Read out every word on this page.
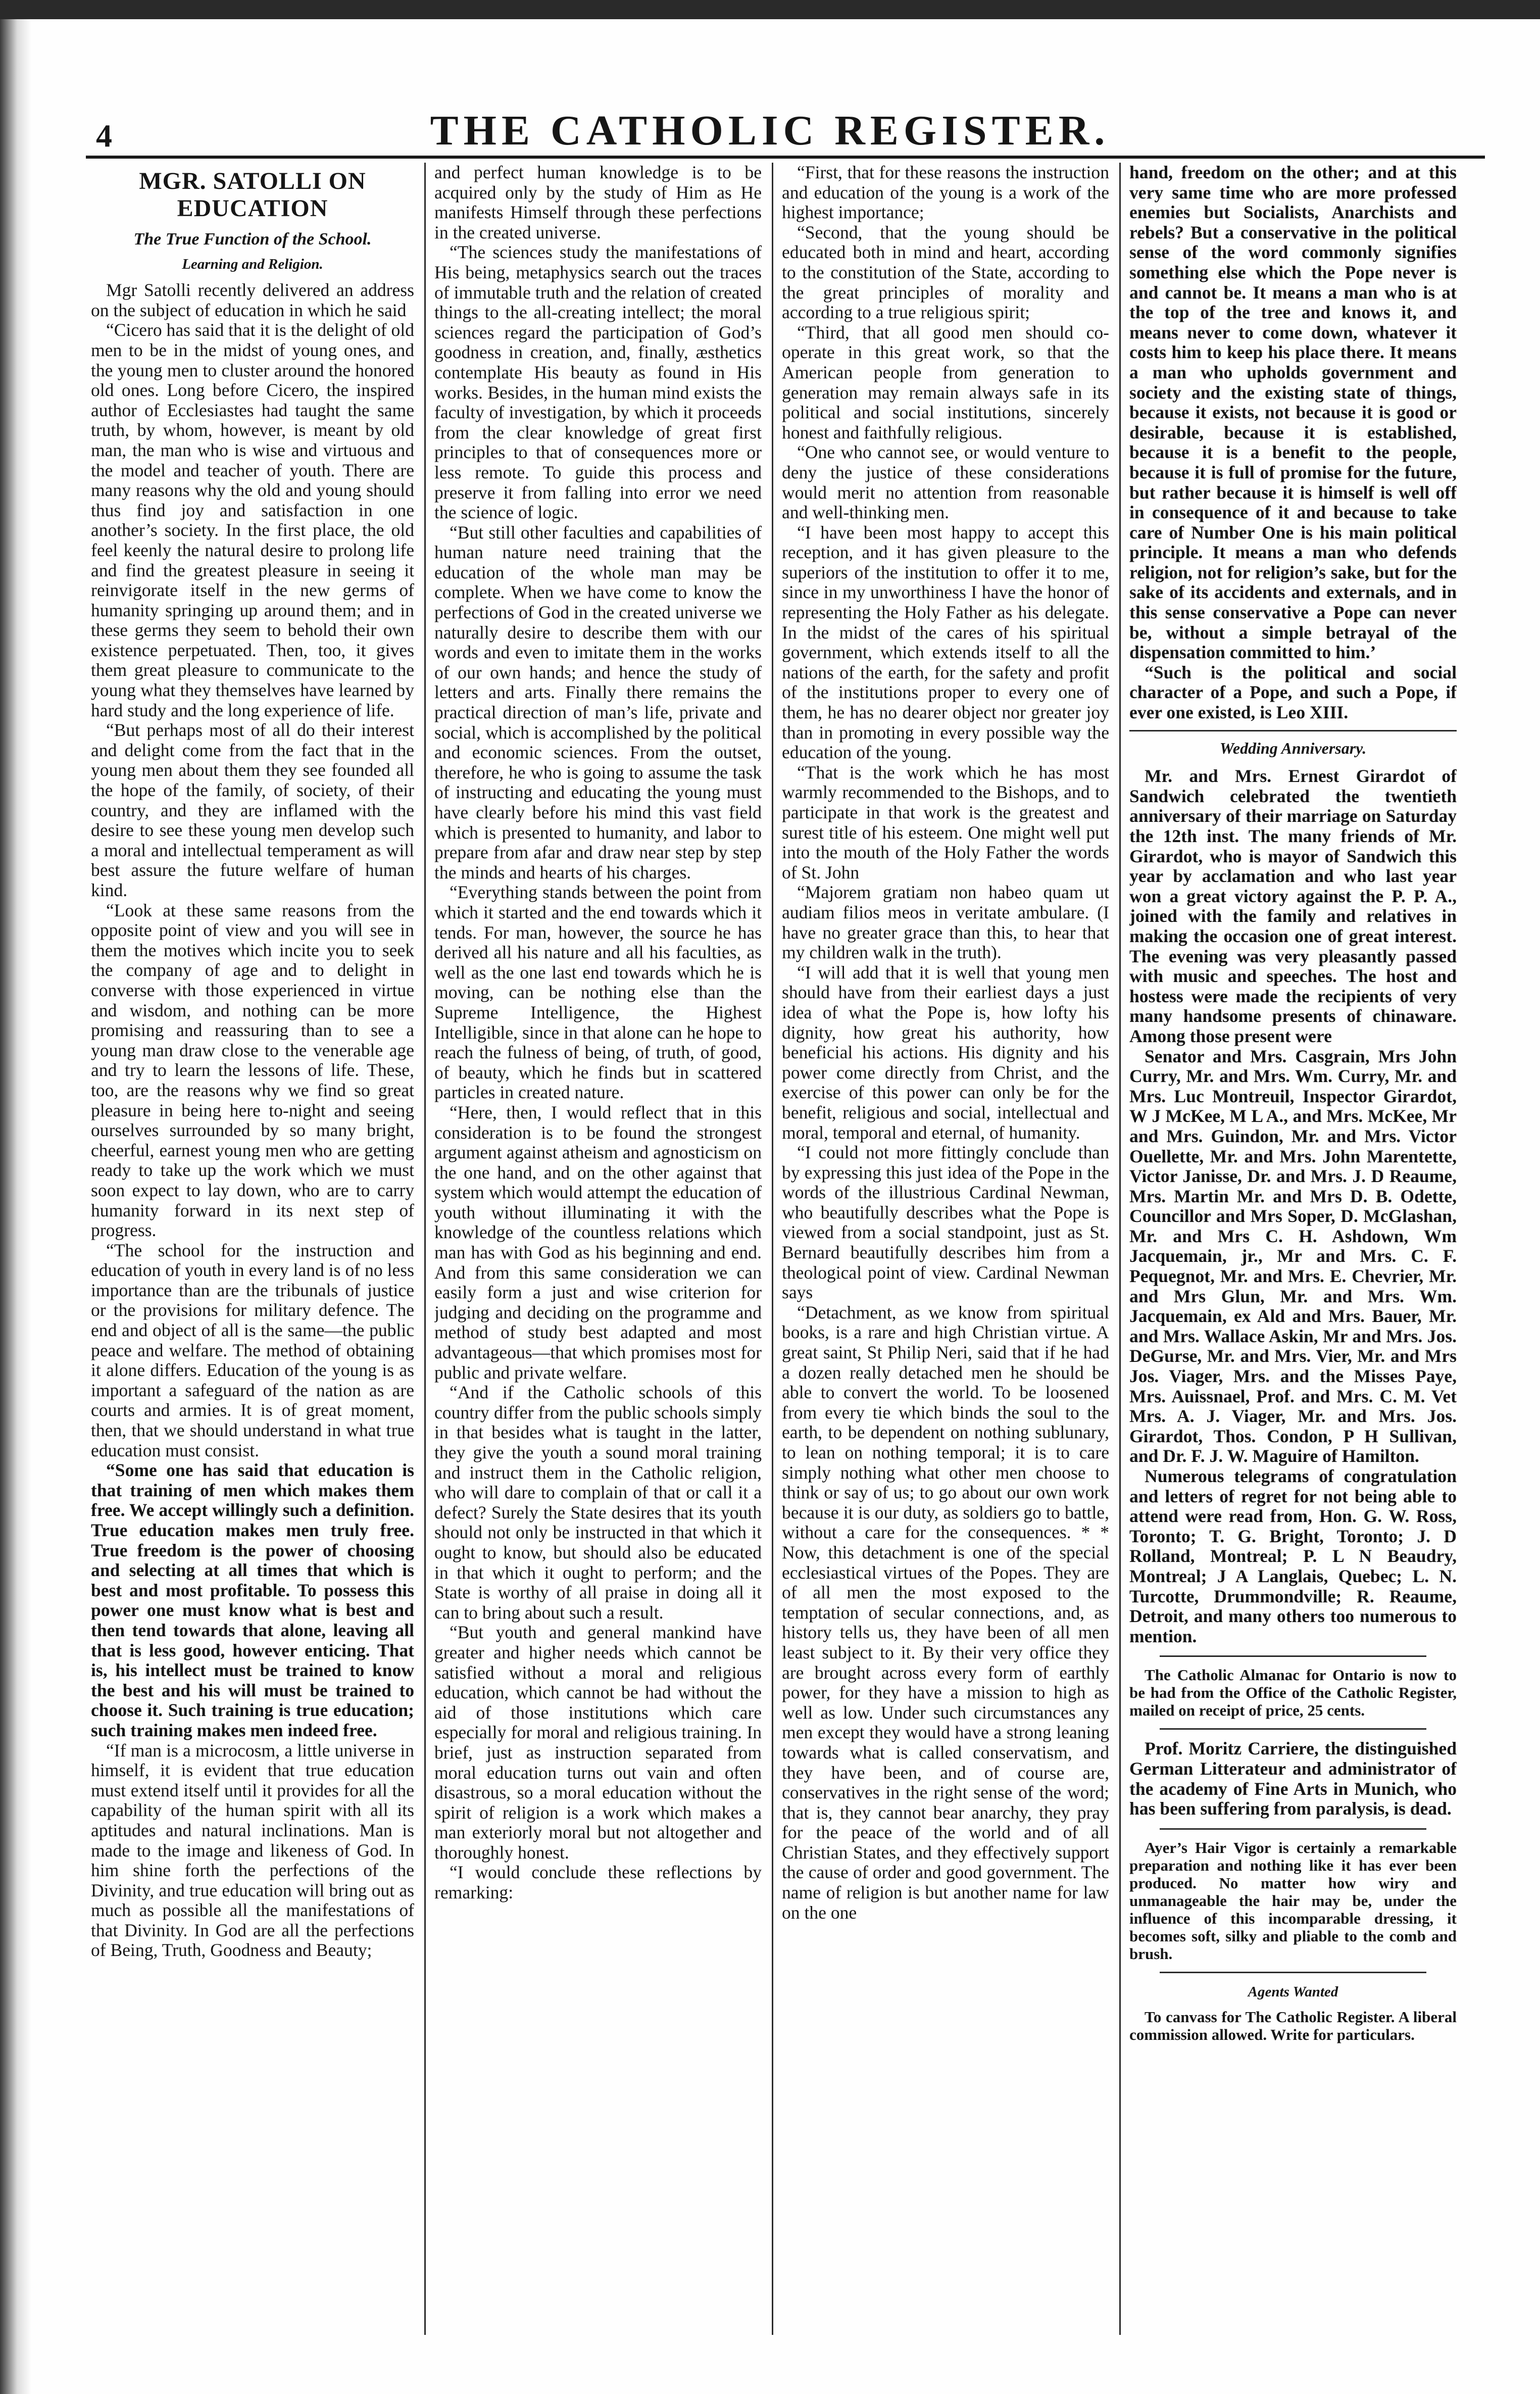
4	THE CATHOLIC REGISTER.
MGR. SATOLLI ON EDUCATION
The True Function of the School.
Learning and Religion.

Mgr Satolli recently delivered an address on the subject of education in which he said

“Cicero has said that it is the delight of old men to be in the midst of young ones, and the young men to cluster around the honored old ones. Long before Cicero, the inspired author of Ecclesiastes had taught the same truth, by whom, however, is meant by old man, the man who is wise and virtuous and the model and teacher of youth. There are many reasons why the old and young should thus find joy and satisfaction in one another’s society. In the first place, the old feel keenly the natural desire to prolong life and find the greatest pleasure in seeing it reinvigorate itself in the new germs of humanity springing up around them; and in these germs they seem to behold their own existence perpetuated. Then, too, it gives them great pleasure to communicate to the young what they themselves have learned by hard study and the long experience of life.

“But perhaps most of all do their interest and delight come from the fact that in the young men about them they see founded all the hope of the family, of society, of their country, and they are inflamed with the desire to see these young men develop such a moral and intellectual temperament as will best assure the future welfare of human kind.

“Look at these same reasons from the opposite point of view and you will see in them the motives which incite you to seek the company of age and to delight in converse with those experienced in virtue and wisdom, and nothing can be more promising and reassuring than to see a young man draw close to the venerable age and try to learn the lessons of life. These, too, are the reasons why we find so great pleasure in being here to-night and seeing ourselves surrounded by so many bright, cheerful, earnest young men who are getting ready to take up the work which we must soon expect to lay down, who are to carry humanity forward in its next step of progress.

“The school for the instruction and education of youth in every land is of no less importance than are the tribunals of justice or the provisions for military defence. The end and object of all is the same—the public peace and welfare. The method of obtaining it alone differs. Education of the young is as important a safeguard of the nation as are courts and armies. It is of great moment, then, that we should understand in what true education must consist.

“Some one has said that education is that training of men which makes them free. We accept willingly such a definition. True education makes men truly free. True freedom is the power of choosing and selecting at all times that which is best and most profitable. To possess this power one must know what is best and then tend towards that alone, leaving all that is less good, however enticing. That is, his intellect must be trained to know the best and his will must be trained to choose it. Such training is true education; such training makes men indeed free.

“If man is a microcosm, a little universe in himself, it is evident that true education must extend itself until it provides for all the capability of the human spirit with all its aptitudes and natural inclinations. Man is made to the image and likeness of God. In him shine forth the perfections of the Divinity, and true education will bring out as much as possible all the manifestations of that Divinity. In God are all the perfections of Being, Truth, Goodness and Beauty;

and perfect human knowledge is to be acquired only by the study of Him as He manifests Himself through these perfections in the created universe.

“The sciences study the manifestations of His being, metaphysics search out the traces of immutable truth and the relation of created things to the all-creating intellect; the moral sciences regard the participation of God’s goodness in creation, and, finally, æsthetics contemplate His beauty as found in His works. Besides, in the human mind exists the faculty of investigation, by which it proceeds from the clear knowledge of great first principles to that of consequences more or less remote. To guide this process and preserve it from falling into error we need the science of logic.

“But still other faculties and capabilities of human nature need training that the education of the whole man may be complete. When we have come to know the perfections of God in the created universe we naturally desire to describe them with our words and even to imitate them in the works of our own hands; and hence the study of letters and arts. Finally there remains the practical direction of man’s life, private and social, which is accomplished by the political and economic sciences. From the outset, therefore, he who is going to assume the task of instructing and educating the young must have clearly before his mind this vast field which is presented to humanity, and labor to prepare from afar and draw near step by step the minds and hearts of his charges.

“Everything stands between the point from which it started and the end towards which it tends. For man, however, the source he has derived all his nature and all his faculties, as well as the one last end towards which he is moving, can be nothing else than the Supreme Intelligence, the Highest Intelligible, since in that alone can he hope to reach the fulness of being, of truth, of good, of beauty, which he finds but in scattered particles in created nature.

“Here, then, I would reflect that in this consideration is to be found the strongest argument against atheism and agnosticism on the one hand, and on the other against that system which would attempt the education of youth without illuminating it with the knowledge of the countless relations which man has with God as his beginning and end. And from this same consideration we can easily form a just and wise criterion for judging and deciding on the programme and method of study best adapted and most advantageous—that which promises most for public and private welfare.

“And if the Catholic schools of this country differ from the public schools simply in that besides what is taught in the latter, they give the youth a sound moral training and instruct them in the Catholic religion, who will dare to complain of that or call it a defect? Surely the State desires that its youth should not only be instructed in that which it ought to know, but should also be educated in that which it ought to perform; and the State is worthy of all praise in doing all it can to bring about such a result.

“But youth and general mankind have greater and higher needs which cannot be satisfied without a moral and religious education, which cannot be had without the aid of those institutions which care especially for moral and religious training. In brief, just as instruction separated from moral education turns out vain and often disastrous, so a moral education without the spirit of religion is a work which makes a man exteriorly moral but not altogether and thoroughly honest.

“I would conclude these reflections by remarking:

“First, that for these reasons the instruction and education of the young is a work of the highest importance;

“Second, that the young should be educated both in mind and heart, according to the constitution of the State, according to the great principles of morality and according to a true religious spirit;

“Third, that all good men should co-operate in this great work, so that the American people from generation to generation may remain always safe in its political and social institutions, sincerely honest and faithfully religious.

“One who cannot see, or would venture to deny the justice of these considerations would merit no attention from reasonable and well-thinking men.

“I have been most happy to accept this reception, and it has given pleasure to the superiors of the institution to offer it to me, since in my unworthiness I have the honor of representing the Holy Father as his delegate. In the midst of the cares of his spiritual government, which extends itself to all the nations of the earth, for the safety and profit of the institutions proper to every one of them, he has no dearer object nor greater joy than in promoting in every possible way the education of the young.

“That is the work which he has most warmly recommended to the Bishops, and to participate in that work is the greatest and surest title of his esteem. One might well put into the mouth of the Holy Father the words of St. John

“Majorem gratiam non habeo quam ut audiam filios meos in veritate ambulare. (I have no greater grace than this, to hear that my children walk in the truth).

“I will add that it is well that young men should have from their earliest days a just idea of what the Pope is, how lofty his dignity, how great his authority, how beneficial his actions. His dignity and his power come directly from Christ, and the exercise of this power can only be for the benefit, religious and social, intellectual and moral, temporal and eternal, of humanity.

“I could not more fittingly conclude than by expressing this just idea of the Pope in the words of the illustrious Cardinal Newman, who beautifully describes what the Pope is viewed from a social standpoint, just as St. Bernard beautifully describes him from a theological point of view. Cardinal Newman says

“Detachment, as we know from spiritual books, is a rare and high Christian virtue. A great saint, St Philip Neri, said that if he had a dozen really detached men he should be able to convert the world. To be loosened from every tie which binds the soul to the earth, to be dependent on nothing sublunary, to lean on nothing temporal; it is to care simply nothing what other men choose to think or say of us; to go about our own work because it is our duty, as soldiers go to battle, without a care for the consequences. * * Now, this detachment is one of the special ecclesiastical virtues of the Popes. They are of all men the most exposed to the temptation of secular connections, and, as history tells us, they have been of all men least subject to it. By their very office they are brought across every form of earthly power, for they have a mission to high as well as low. Under such circumstances any men except they would have a strong leaning towards what is called conservatism, and they have been, and of course are, conservatives in the right sense of the word; that is, they cannot bear anarchy, they pray for the peace of the world and of all Christian States, and they effectively support the cause of order and good government. The name of religion is but another name for law on the one

hand, freedom on the other; and at this very same time who are more professed enemies but Socialists, Anarchists and rebels? But a conservative in the political sense of the word commonly signifies something else which the Pope never is and cannot be. It means a man who is at the top of the tree and knows it, and means never to come down, whatever it costs him to keep his place there. It means a man who upholds government and society and the existing state of things, because it exists, not because it is good or desirable, because it is established, because it is a benefit to the people, because it is full of promise for the future, but rather because it is himself is well off in consequence of it and because to take care of Number One is his main political principle. It means a man who defends religion, not for religion’s sake, but for the sake of its accidents and externals, and in this sense conservative a Pope can never be, without a simple betrayal of the dispensation committed to him.’

“Such is the political and social character of a Pope, and such a Pope, if ever one existed, is Leo XIII.

Wedding Anniversary.

Mr. and Mrs. Ernest Girardot of Sandwich celebrated the twentieth anniversary of their marriage on Saturday the 12th inst. The many friends of Mr. Girardot, who is mayor of Sandwich this year by acclamation and who last year won a great victory against the P. P. A., joined with the family and relatives in making the occasion one of great interest. The evening was very pleasantly passed with music and speeches. The host and hostess were made the recipients of very many handsome presents of chinaware. Among those present were

Senator and Mrs. Casgrain, Mrs John Curry, Mr. and Mrs. Wm. Curry, Mr. and Mrs. Luc Montreuil, Inspector Girardot, W J McKee, M L A., and Mrs. McKee, Mr and Mrs. Guindon, Mr. and Mrs. Victor Ouellette, Mr. and Mrs. John Marentette, Victor Janisse, Dr. and Mrs. J. D Reaume, Mrs. Martin Mr. and Mrs D. B. Odette, Councillor and Mrs Soper, D. McGlashan, Mr. and Mrs C. H. Ashdown, Wm Jacquemain, jr., Mr and Mrs. C. F. Pequegnot, Mr. and Mrs. E. Chevrier, Mr. and Mrs Glun, Mr. and Mrs. Wm. Jacquemain, ex Ald and Mrs. Bauer, Mr. and Mrs. Wallace Askin, Mr and Mrs. Jos. DeGurse, Mr. and Mrs. Vier, Mr. and Mrs Jos. Viager, Mrs. and the Misses Paye, Mrs. Auissnael, Prof. and Mrs. C. M. Vet Mrs. A. J. Viager, Mr. and Mrs. Jos. Girardot, Thos. Condon, P H Sullivan, and Dr. F. J. W. Maguire of Hamilton.

Numerous telegrams of congratulation and letters of regret for not being able to attend were read from, Hon. G. W. Ross, Toronto; T. G. Bright, Toronto; J. D Rolland, Montreal; P. L N Beaudry, Montreal; J A Langlais, Quebec; L. N. Turcotte, Drummondville; R. Reaume, Detroit, and many others too numerous to mention.

The Catholic Almanac for Ontario is now to be had from the Office of the Catholic Register, mailed on receipt of price, 25 cents.

Prof. Moritz Carriere, the distinguished German Litterateur and administrator of the academy of Fine Arts in Munich, who has been suffering from paralysis, is dead.

Ayer’s Hair Vigor is certainly a remarkable preparation and nothing like it has ever been produced. No matter how wiry and unmanageable the hair may be, under the influence of this incomparable dressing, it becomes soft, silky and pliable to the comb and brush.

Agents Wanted

To canvass for The Catholic Register. A liberal commission allowed. Write for particulars.
